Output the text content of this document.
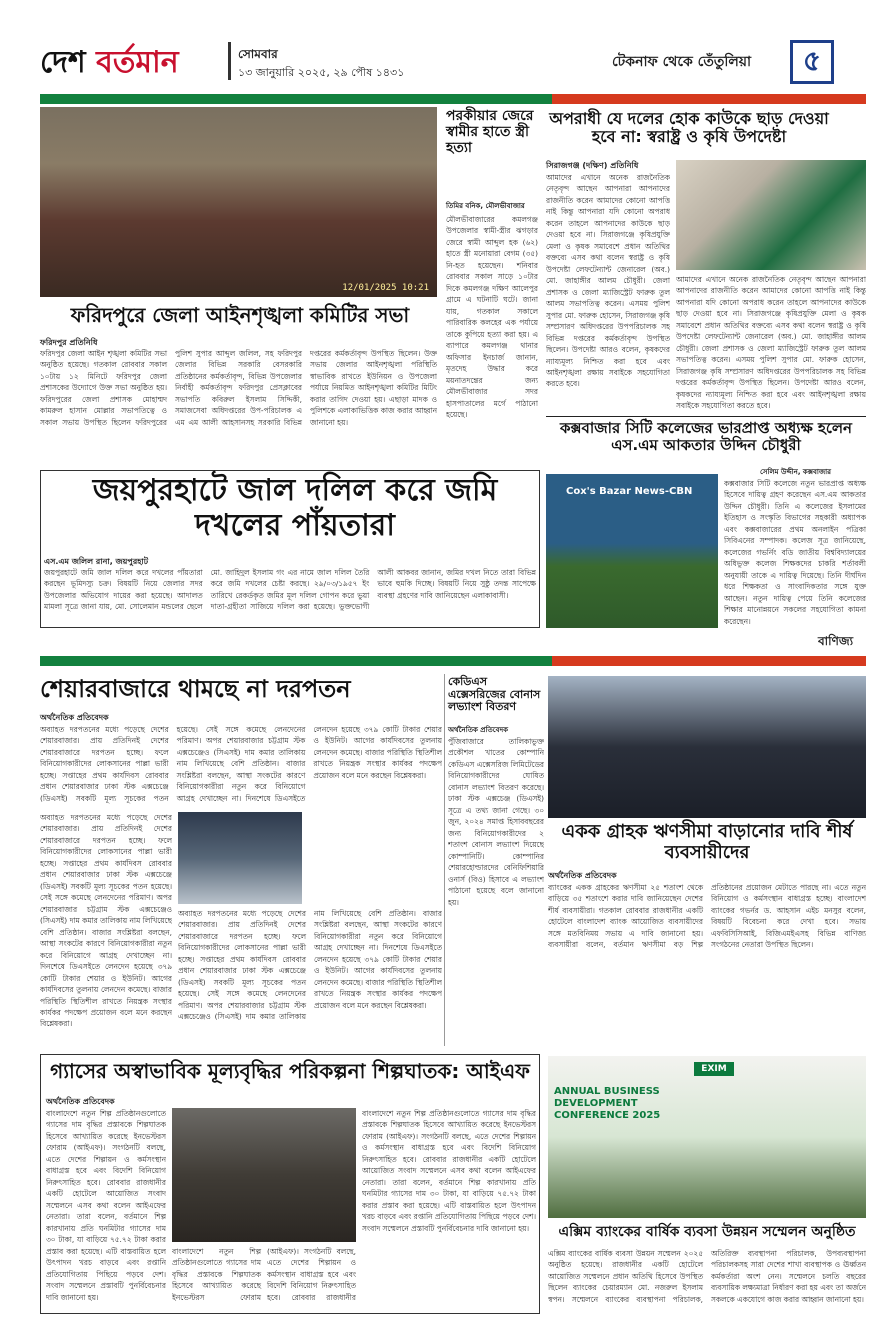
দেশ বর্তমান	সোমবার
১৩ জানুয়ারি ২০২৫, ২৯ পৌষ ১৪৩১
টেকনাফ থেকে তেঁতুলিয়া	৫
12/01/2025 10:21
পরকীয়ার জেরে স্বামীর হাতে স্ত্রী হত্যা
তিমির বনিক, মৌলভীবাজার
মৌলভীবাজারের কমলগঞ্জ উপজেলার স্বামী-স্ত্রীর ঝগড়ার জেরে স্বামী আব্দুল হক (৬২) হাতে স্ত্রী মনোয়ারা বেগম (৩৫) নি-হত হয়েছেন। শনিবার রোববার সকাল সাড়ে ১০টার দিকে কমলগঞ্জ দক্ষিণ আলেপুর গ্রামে এ ঘটনাটি ঘটে। জানা যায়, গতকাল সকালে পারিবারিক কলহের এক পর্যায়ে তাকে কুপিয়ে হত্যা করা হয়। এ ব্যাপারে কমলগঞ্জ থানার অফিসার ইনচার্জ জানান, মৃতদেহ উদ্ধার করে ময়নাতদন্তের জন্য মৌলভীবাজার সদর হাসপাতালের মর্গে পাঠানো হয়েছে।
ফরিদপুরে জেলা আইনশৃঙ্খলা কমিটির সভা
ফরিদপুর প্রতিনিধি
ফরিদপুর জেলা আইন শৃঙ্খলা কমিটির সভা অনুষ্ঠিত হয়েছে। গতকাল রোববার সকাল ১০টায় ১২ মিনিটে ফরিদপুর জেলা প্রশাসকের উদ্যোগে উক্ত সভা অনুষ্ঠিত হয়। ফরিদপুরের জেলা প্রশাসক মোহাম্মদ কামরুল হাসান মোল্লার সভাপতিত্বে ও সকাল সভায় উপস্থিত ছিলেন ফরিদপুরের পুলিশ সুপার আব্দুল জলিল, সহ ফরিদপুর জেলার বিভিন্ন সরকারি বেসরকারি প্রতিষ্ঠানের কর্মকর্তাবৃন্দ, বিভিন্ন উপজেলার নির্বাহী কর্মকর্তাবৃন্দ ফরিদপুর প্রেসক্লাবের সভাপতি কবিরুল ইসলাম সিদ্দিকী, সমাজসেবা অধিদপ্তরের উপ-পরিচালক এ এম এম আলী আহসানসহ সরকারি বিভিন্ন দপ্তরের কর্মকর্তাবৃন্দ উপস্থিত ছিলেন। উক্ত সভায় জেলার আইনশৃঙ্খলা পরিস্থিতি স্বাভাবিক রাখতে ইউনিয়ন ও উপজেলা পর্যায়ে নিয়মিত আইনশৃঙ্খলা কমিটির মিটিং করার তাগিদ দেওয়া হয়। এছাড়া মাদক ও পুলিশকে এলাকাভিত্তিক কাজ করার আহ্বান জানানো হয়।
অপরাধী যে দলের হোক কাউকে ছাড় দেওয়া হবে না: স্বরাষ্ট্র ও কৃষি উপদেষ্টা
সিরাজগঞ্জ (দক্ষিণ) প্রতিনিধি
আমাদের এখানে অনেক রাজনৈতিক নেতৃবৃন্দ আছেন আপনারা আপনাদের রাজনীতি করেন আমাদের কোনো আপত্তি নাই কিন্তু আপনারা যদি কোনো অপরাধ করেন তাহলে আপনাদের কাউকে ছাড় দেওয়া হবে না। সিরাজগঞ্জে কৃষিপ্রযুক্তি মেলা ও কৃষক সমাবেশে প্রধান অতিথির বক্তব্যে এসব কথা বলেন স্বরাষ্ট্র ও কৃষি উপদেষ্টা লেফটেন্যান্ট জেনারেল (অব.) মো. জাহাঙ্গীর আলম চৌধুরী। জেলা প্রশাসক ও জেলা ম্যাজিস্ট্রেট ফারুক তুল আলম সভাপতিত্ব করেন। এসময় পুলিশ সুপার মো. ফারুক হোসেন, সিরাজগঞ্জ কৃষি সম্প্রসারণ অধিদপ্তরের উপপরিচালক সহ বিভিন্ন দপ্তরের কর্মকর্তাবৃন্দ উপস্থিত ছিলেন। উপদেষ্টা আরও বলেন, কৃষকদের ন্যায্যমূল্য নিশ্চিত করা হবে এবং আইনশৃঙ্খলা রক্ষায় সবাইকে সহযোগিতা করতে হবে।
আমাদের এখানে অনেক রাজনৈতিক নেতৃবৃন্দ আছেন আপনারা আপনাদের রাজনীতি করেন আমাদের কোনো আপত্তি নাই কিন্তু আপনারা যদি কোনো অপরাধ করেন তাহলে আপনাদের কাউকে ছাড় দেওয়া হবে না। সিরাজগঞ্জে কৃষিপ্রযুক্তি মেলা ও কৃষক সমাবেশে প্রধান অতিথির বক্তব্যে এসব কথা বলেন স্বরাষ্ট্র ও কৃষি উপদেষ্টা লেফটেন্যান্ট জেনারেল (অব.) মো. জাহাঙ্গীর আলম চৌধুরী। জেলা প্রশাসক ও জেলা ম্যাজিস্ট্রেট ফারুক তুল আলম সভাপতিত্ব করেন। এসময় পুলিশ সুপার মো. ফারুক হোসেন, সিরাজগঞ্জ কৃষি সম্প্রসারণ অধিদপ্তরের উপপরিচালক সহ বিভিন্ন দপ্তরের কর্মকর্তাবৃন্দ উপস্থিত ছিলেন। উপদেষ্টা আরও বলেন, কৃষকদের ন্যায্যমূল্য নিশ্চিত করা হবে এবং আইনশৃঙ্খলা রক্ষায় সবাইকে সহযোগিতা করতে হবে।
কক্সবাজার সিটি কলেজের ভারপ্রাপ্ত অধ্যক্ষ হলেন এস.এম আকতার উদ্দিন চৌধুরী
সেলিম উদ্দীন, কক্সবাজার
Cox's Bazar News-CBN
কক্সবাজার সিটি কলেজে নতুন ভারপ্রাপ্ত অধ্যক্ষ হিসেবে দায়িত্ব গ্রহণ করেছেন এস.এম আকতার উদ্দিন চৌধুরী। তিনি এ কলেজের ইসলামের ইতিহাস ও সংস্কৃতি বিভাগের সহকারী অধ্যাপক এবং কক্সবাজারের প্রথম অনলাইন পত্রিকা সিবিএনের সম্পাদক। কলেজ সূত্র জানিয়েছে, কলেজের গভর্নিং বডি জাতীয় বিশ্ববিদ্যালয়ের অধিভুক্ত কলেজ শিক্ষকদের চাকরি শর্তাবলী অনুযায়ী তাকে এ দায়িত্ব দিয়েছে। তিনি দীর্ঘদিন ধরে শিক্ষকতা ও সাংবাদিকতার সঙ্গে যুক্ত আছেন। নতুন দায়িত্ব পেয়ে তিনি কলেজের শিক্ষার মানোন্নয়নে সকলের সহযোগিতা কামনা করেছেন।
বাণিজ্য
জয়পুরহাটে জাল দলিল করে জমি দখলের পাঁয়তারা
এস.এম জলিল রানা, জয়পুরহাট
জয়পুরহাটে জমি জাল দলিল করে দখলের পাঁয়তারা করছেন ভূমিদস্যু চক্র। বিষয়টি নিয়ে জেলার সদর উপজেলার অভিযোগ দায়ের করা হয়েছে। আদালত মামলা সূত্রে জানা যায়, মো. সোলেমান মন্ডলের ছেলে মো. জাহিদুল ইসলাম গং এর নামে জাল দলিল তৈরি করে জমি দখলের চেষ্টা করছে। ২৯/০৩/১৯৫৭ ইং তারিখে রেকর্ডকৃত জমির মূল দলিল গোপন করে ভুয়া দাতা-গ্রহীতা সাজিয়ে দলিল করা হয়েছে। ভুক্তভোগী আলী আকবর জানান, জমির দখল নিতে তারা বিভিন্ন ভাবে হুমকি দিচ্ছে। বিষয়টি নিয়ে সুষ্ঠু তদন্ত সাপেক্ষে ব্যবস্থা গ্রহণের দাবি জানিয়েছেন এলাকাবাসী।
শেয়ারবাজারে থামছে না দরপতন
অর্থনৈতিক প্রতিবেদক
অব্যাহত দরপতনের মধ্যে পড়েছে দেশের শেয়ারবাজার। প্রায় প্রতিদিনই দেশের শেয়ারবাজারে দরপতন হচ্ছে। ফলে বিনিয়োগকারীদের লোকসানের পাল্লা ভারী হচ্ছে। সপ্তাহের প্রথম কার্যদিবস রোববার প্রধান শেয়ারবাজার ঢাকা স্টক এক্সচেঞ্জে (ডিএসই) সবকটি মূল্য সূচকের পতন হয়েছে। সেই সঙ্গে কমেছে লেনদেনের পরিমাণ। অপর শেয়ারবাজার চট্টগ্রাম স্টক এক্সচেঞ্জেও (সিএসই) দাম কমার তালিকায় নাম লিখিয়েছে বেশি প্রতিষ্ঠান। বাজার সংশ্লিষ্টরা বলছেন, আস্থা সংকটের কারণে বিনিয়োগকারীরা নতুন করে বিনিয়োগে আগ্রহ দেখাচ্ছেন না। দিনশেষে ডিএসইতে লেনদেন হয়েছে ৩৭৯ কোটি টাকার শেয়ার ও ইউনিট। আগের কার্যদিবসের তুলনায় লেনদেন কমেছে। বাজার পরিস্থিতি স্থিতিশীল রাখতে নিয়ন্ত্রক সংস্থার কার্যকর পদক্ষেপ প্রয়োজন বলে মনে করছেন বিশ্লেষকরা।
অব্যাহত দরপতনের মধ্যে পড়েছে দেশের শেয়ারবাজার। প্রায় প্রতিদিনই দেশের শেয়ারবাজারে দরপতন হচ্ছে। ফলে বিনিয়োগকারীদের লোকসানের পাল্লা ভারী হচ্ছে। সপ্তাহের প্রথম কার্যদিবস রোববার প্রধান শেয়ারবাজার ঢাকা স্টক এক্সচেঞ্জে (ডিএসই) সবকটি মূল্য সূচকের পতন হয়েছে। সেই সঙ্গে কমেছে লেনদেনের পরিমাণ। অপর শেয়ারবাজার চট্টগ্রাম স্টক এক্সচেঞ্জেও (সিএসই) দাম কমার তালিকায় নাম লিখিয়েছে বেশি প্রতিষ্ঠান। বাজার সংশ্লিষ্টরা বলছেন, আস্থা সংকটের কারণে বিনিয়োগকারীরা নতুন করে বিনিয়োগে আগ্রহ দেখাচ্ছেন না। দিনশেষে ডিএসইতে লেনদেন হয়েছে ৩৭৯ কোটি টাকার শেয়ার ও ইউনিট। আগের কার্যদিবসের তুলনায় লেনদেন কমেছে। বাজার পরিস্থিতি স্থিতিশীল রাখতে নিয়ন্ত্রক সংস্থার কার্যকর পদক্ষেপ প্রয়োজন বলে মনে করছেন বিশ্লেষকরা।
অব্যাহত দরপতনের মধ্যে পড়েছে দেশের শেয়ারবাজার। প্রায় প্রতিদিনই দেশের শেয়ারবাজারে দরপতন হচ্ছে। ফলে বিনিয়োগকারীদের লোকসানের পাল্লা ভারী হচ্ছে। সপ্তাহের প্রথম কার্যদিবস রোববার প্রধান শেয়ারবাজার ঢাকা স্টক এক্সচেঞ্জে (ডিএসই) সবকটি মূল্য সূচকের পতন হয়েছে। সেই সঙ্গে কমেছে লেনদেনের পরিমাণ। অপর শেয়ারবাজার চট্টগ্রাম স্টক এক্সচেঞ্জেও (সিএসই) দাম কমার তালিকায় নাম লিখিয়েছে বেশি প্রতিষ্ঠান। বাজার সংশ্লিষ্টরা বলছেন, আস্থা সংকটের কারণে বিনিয়োগকারীরা নতুন করে বিনিয়োগে আগ্রহ দেখাচ্ছেন না। দিনশেষে ডিএসইতে লেনদেন হয়েছে ৩৭৯ কোটি টাকার শেয়ার ও ইউনিট। আগের কার্যদিবসের তুলনায় লেনদেন কমেছে। বাজার পরিস্থিতি স্থিতিশীল রাখতে নিয়ন্ত্রক সংস্থার কার্যকর পদক্ষেপ প্রয়োজন বলে মনে করছেন বিশ্লেষকরা।
কেডিএস এক্সেসরিজের বোনাস লভ্যাংশ বিতরণ
অর্থনৈতিক প্রতিবেদক
পুঁজিবাজারে তালিকাভুক্ত প্রকৌশল খাতের কোম্পানি কেডিএস এক্সেসরিজ লিমিটেডের বিনিয়োগকারীদের ঘোষিত বোনাস লভ্যাংশ বিতরণ করেছে। ঢাকা স্টক এক্সচেঞ্জ (ডিএসই) সূত্রে এ তথ্য জানা গেছে। ৩০ জুন, ২০২৪ সমাপ্ত হিসাববছরের জন্য বিনিয়োগকারীদের ২ শতাংশ বোনাস লভ্যাংশ দিয়েছে কোম্পানিটি। কোম্পানির শেয়ারহোল্ডারদের বেনিফিশিয়ারি ওনার্স (বিও) হিসাবে এ লভ্যাংশ পাঠানো হয়েছে বলে জানানো হয়।
একক গ্রাহক ঋণসীমা বাড়ানোর দাবি শীর্ষ ব্যবসায়ীদের
অর্থনৈতিক প্রতিবেদক
ব্যাংকের একক গ্রাহকের ঋণসীমা ২৫ শতাংশ থেকে বাড়িয়ে ৩৫ শতাংশে করার দাবি জানিয়েছেন দেশের শীর্ষ ব্যবসায়ীরা। গতকাল রোববার রাজধানীর একটি হোটেলে বাংলাদেশ ব্যাংক আয়োজিত ব্যবসায়ীদের সঙ্গে মতবিনিময় সভায় এ দাবি জানানো হয়। ব্যবসায়ীরা বলেন, বর্তমান ঋণসীমা বড় শিল্প প্রতিষ্ঠানের প্রয়োজন মেটাতে পারছে না। এতে নতুন বিনিয়োগ ও কর্মসংস্থান বাধাগ্রস্ত হচ্ছে। বাংলাদেশ ব্যাংকের গভর্নর ড. আহসান এইচ মনসুর বলেন, বিষয়টি বিবেচনা করে দেখা হবে। সভায় এফবিসিসিআই, বিজিএমইএসহ বিভিন্ন বাণিজ্য সংগঠনের নেতারা উপস্থিত ছিলেন।
গ্যাসের অস্বাভাবিক মূল্যবৃদ্ধির পরিকল্পনা শিল্পঘাতক: আইএফ
অর্থনৈতিক প্রতিবেদক
বাংলাদেশে নতুন শিল্প প্রতিষ্ঠানগুলোতে গ্যাসের দাম বৃদ্ধির প্রস্তাবকে শিল্পঘাতক হিসেবে আখ্যায়িত করেছে ইনভেস্টরস ফোরাম (আইএফ)। সংগঠনটি বলছে, এতে দেশের শিল্পায়ন ও কর্মসংস্থান বাধাগ্রস্ত হবে এবং বিদেশি বিনিয়োগ নিরুৎসাহিত হবে। রোববার রাজধানীর একটি হোটেলে আয়োজিত সংবাদ সম্মেলনে এসব কথা বলেন আইএফের নেতারা। তারা বলেন, বর্তমানে শিল্প কারখানায় প্রতি ঘনমিটার গ্যাসের দাম ৩০ টাকা, যা বাড়িয়ে ৭৫.৭২ টাকা করার প্রস্তাব করা হয়েছে। এটি বাস্তবায়িত হলে উৎপাদন খরচ বাড়বে এবং রপ্তানি প্রতিযোগিতায় পিছিয়ে পড়বে দেশ। সংবাদ সম্মেলনে প্রস্তাবটি পুনর্বিবেচনার দাবি জানানো হয়।
বাংলাদেশে নতুন শিল্প প্রতিষ্ঠানগুলোতে গ্যাসের দাম বৃদ্ধির প্রস্তাবকে শিল্পঘাতক হিসেবে আখ্যায়িত করেছে ইনভেস্টরস ফোরাম (আইএফ)। সংগঠনটি বলছে, এতে দেশের শিল্পায়ন ও কর্মসংস্থান বাধাগ্রস্ত হবে এবং বিদেশি বিনিয়োগ নিরুৎসাহিত হবে। রোববার রাজধানীর একটি হোটেলে আয়োজিত সংবাদ সম্মেলনে এসব কথা বলেন আইএফের নেতারা। তারা বলেন, বর্তমানে শিল্প কারখানায় প্রতি ঘনমিটার গ্যাসের দাম ৩০ টাকা, যা বাড়িয়ে ৭৫.৭২ টাকা করার প্রস্তাব করা হয়েছে। এটি বাস্তবায়িত হলে উৎপাদন খরচ বাড়বে এবং রপ্তানি প্রতিযোগিতায় পিছিয়ে পড়বে দেশ। সংবাদ সম্মেলনে প্রস্তাবটি পুনর্বিবেচনার দাবি জানানো হয়।
বাংলাদেশে নতুন শিল্প প্রতিষ্ঠানগুলোতে গ্যাসের দাম বৃদ্ধির প্রস্তাবকে শিল্পঘাতক হিসেবে আখ্যায়িত করেছে ইনভেস্টরস ফোরাম (আইএফ)। সংগঠনটি বলছে, এতে দেশের শিল্পায়ন ও কর্মসংস্থান বাধাগ্রস্ত হবে এবং বিদেশি বিনিয়োগ নিরুৎসাহিত হবে। রোববার রাজধানীর
EXIM
ANNUAL BUSINESS DEVELOPMENT CONFERENCE 2025
এক্সিম ব্যাংকের বার্ষিক ব্যবসা উন্নয়ন সম্মেলন অনুষ্ঠিত
এক্সিম ব্যাংকের বার্ষিক ব্যবসা উন্নয়ন সম্মেলন ২০২৫ অনুষ্ঠিত হয়েছে। রাজধানীর একটি হোটেলে আয়োজিত সম্মেলনে প্রধান অতিথি হিসেবে উপস্থিত ছিলেন ব্যাংকের চেয়ারম্যান মো. নজরুল ইসলাম স্বপন। সম্মেলনে ব্যাংকের ব্যবস্থাপনা পরিচালক, অতিরিক্ত ব্যবস্থাপনা পরিচালক, উপব্যবস্থাপনা পরিচালকসহ সারা দেশের শাখা ব্যবস্থাপক ও ঊর্ধ্বতন কর্মকর্তারা অংশ নেন। সম্মেলনে চলতি বছরের ব্যবসায়িক লক্ষ্যমাত্রা নির্ধারণ করা হয় এবং তা অর্জনে সকলকে একযোগে কাজ করার আহ্বান জানানো হয়।
